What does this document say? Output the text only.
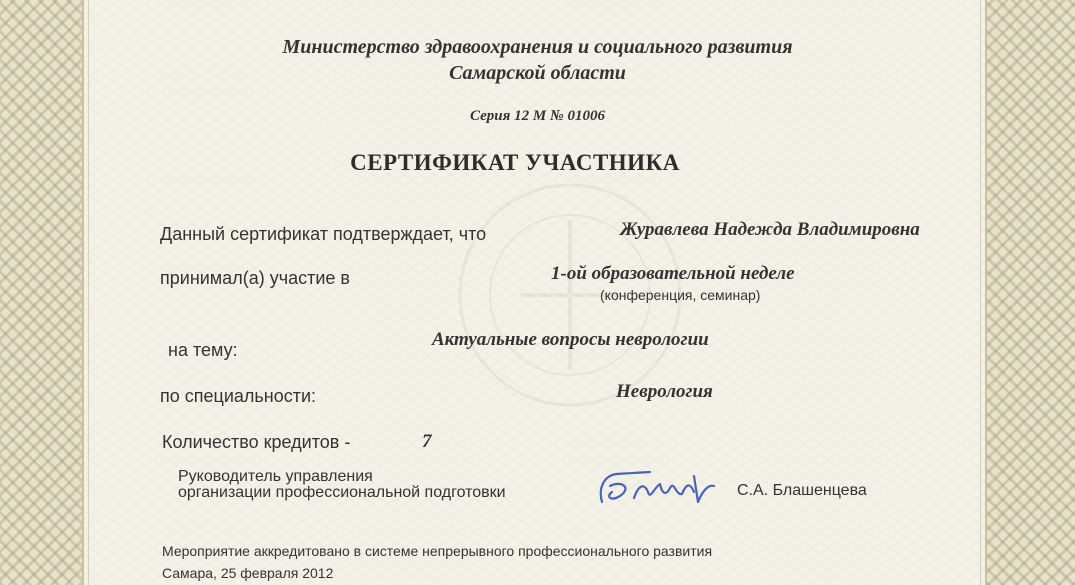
Министерство здравоохранения и социального развития
Самарской области
Серия 12 М № 01006
СЕРТИФИКАТ УЧАСТНИКА
Данный сертификат подтверждает, что	Журавлева Надежда Владимировна
принимал(а) участие в	1-ой образовательной неделе
(конференция, семинар)
на тему:	Актуальные вопросы неврологии
по специальности:	Неврология
Количество кредитов -	7
Руководитель управления
организации профессиональной подготовки	С.А. Блашенцева
Мероприятие аккредитовано в системе непрерывного профессионального развития
Самара, 25 февраля 2012
